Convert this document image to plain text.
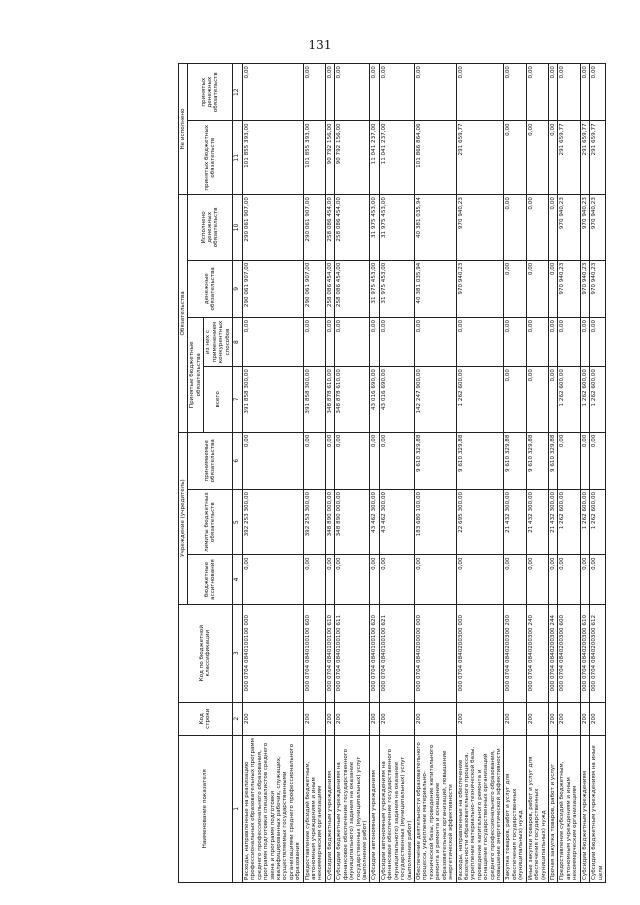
131
Наименование показателя	Код строки	Код по бюджетной классификации	Учреждение (учредитель)			Обязательства				Не исполнено	
			бюджетные ассигнования	лимиты бюджетных обязательств	принимаемые обязательства	Принятые бюджетные обязательства		денежные обязательства	Исполнено денежных обязательств	принятых бюджетных обязательств	принятых денежных обязательств
						всего	из них с применением конкурентных способов				
1	2	3	4	5	6	7	8	9	10	11	12
Расходы, направленные на реализацию профессиональных образовательных программ среднего профессионального образования, программ подготовки специалистов среднего звена и программ подготовки квалифицированных рабочих, служащих, осуществляемых государственными организациями среднего профессионального образования	200	000 0704 0840100100 000	0,00	392 253 300,00	0,00	391 858 300,00	0,00	290 061 907,00	290 061 907,00	101 855 393,00	0,00
Предоставление субсидий бюджетным, автономным учреждениям и иным некоммерческим организациям	200	000 0704 0840100100 600	0,00	392 253 300,00	0,00	391 858 300,00	0,00	290 061 907,00	290 061 907,00	101 855 393,00	0,00
Субсидии бюджетным учреждениям	200	000 0704 0840100100 610	0,00	348 890 000,00	0,00	348 878 610,00	0,00	258 086 454,00	258 086 454,00	90 792 156,00	0,00
Субсидии бюджетным учреждениям на финансовое обеспечение государственного (муниципального) задания на оказание государственных (муниципальных) услуг (выполнение работ)	200	000 0704 0840100100 611	0,00	348 890 000,00	0,00	348 878 610,00	0,00	258 086 454,00	258 086 454,00	90 792 156,00	0,00
Субсидии автономным учреждениям	200	000 0704 0840100100 620	0,00	43 462 300,00	0,00	43 016 690,00	0,00	31 975 453,00	31 975 453,00	11 041 237,00	0,00
Субсидии автономным учреждениям на финансовое обеспечение государственного (муниципального) задания на оказание государственных (муниципальных) услуг (выполнение работ)	200	000 0704 0840100100 621	0,00	43 462 300,00	0,00	43 016 690,00	0,00	31 975 453,00	31 975 453,00	11 041 237,00	0,00
Обеспечение деятельности образовательного процесса, укрепление материально-технической базы, проведение капитального ремонта и ремонта и оснащение образовательных организаций, повышение энергетической эффективности	200	000 0704 0840200000 000	0,00	183 680 100,00	9 610 329,88	142 247 900,00	0,00	40 381 035,94	40 381 035,94	101 866 864,06	0,00
Расходы, направленные на обеспечение безопасности образовательного процесса, укрепление материально-технической базы, проведение капитального ремонта и оснащение государственных организаций среднего профессионального образования, повышение энергетической эффективности	200	000 0704 0840200300 000	0,00	22 695 300,00	9 610 329,88	1 262 600,00	0,00	970 940,23	970 940,23	291 659,77	0,00
Закупка товаров, работ и услуг для обеспечения государственных (муниципальных) нужд	200	000 0704 0840200300 200	0,00	21 432 300,00	9 610 329,88	0,00	0,00	0,00	0,00	0,00	0,00
Иные закупки товаров, работ и услуг для обеспечения государственных (муниципальных) нужд	200	000 0704 0840200300 240	0,00	21 432 300,00	9 610 329,88	0,00	0,00	0,00	0,00	0,00	0,00
Прочая закупка товаров, работ и услуг	200	000 0704 0840200300 244	0,00	21 432 300,00	9 610 329,88	0,00	0,00	0,00	0,00	0,00	0,00
Предоставление субсидий бюджетным, автономным учреждениям и иным некоммерческим организациям	200	000 0704 0840200300 600	0,00	1 262 600,00	0,00	1 262 600,00	0,00	970 940,23	970 940,23	291 659,77	0,00
Субсидии бюджетным учреждениям	200	000 0704 0840200300 610	0,00	1 262 600,00	0,00	1 262 600,00	0,00	970 940,23	970 940,23	291 659,77	0,00
Субсидии бюджетным учреждениям на иные цели	200	000 0704 0840200300 612	0,00	1 262 600,00	0,00	1 262 600,00	0,00	970 940,23	970 940,23	291 659,77	0,00
